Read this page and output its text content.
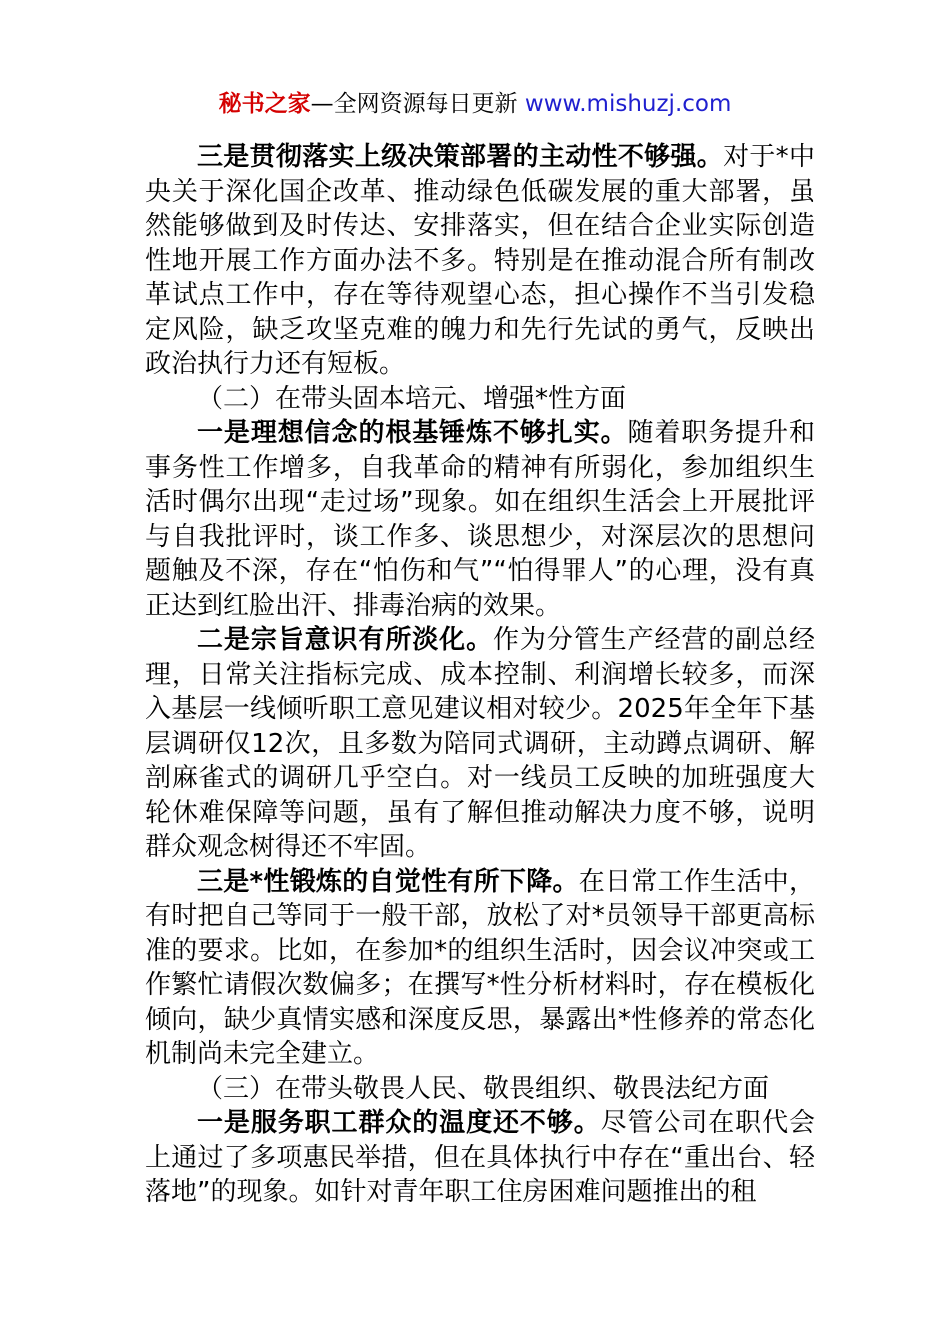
秘书之家—全网资源每日更新 www.mishuzj.com

三是贯彻落实上级决策部署的主动性不够强。对于*中央关于深化国企改革、推动绿色低碳发展的重大部署，虽然能够做到及时传达、安排落实，但在结合企业实际创造性地开展工作方面办法不多。特别是在推动混合所有制改革试点工作中，存在等待观望心态，担心操作不当引发稳定风险，缺乏攻坚克难的魄力和先行先试的勇气，反映出政治执行力还有短板。

（二）在带头固本培元、增强*性方面

一是理想信念的根基锤炼不够扎实。随着职务提升和事务性工作增多，自我革命的精神有所弱化，参加组织生活时偶尔出现“走过场”现象。如在组织生活会上开展批评与自我批评时，谈工作多、谈思想少，对深层次的思想问题触及不深，存在“怕伤和气”“怕得罪人”的心理，没有真正达到红脸出汗、排毒治病的效果。

二是宗旨意识有所淡化。作为分管生产经营的副总经理，日常关注指标完成、成本控制、利润增长较多，而深入基层一线倾听职工意见建议相对较少。2025年全年下基层调研仅12次，且多数为陪同式调研，主动蹲点调研、解剖麻雀式的调研几乎空白。对一线员工反映的加班强度大轮休难保障等问题，虽有了解但推动解决力度不够，说明群众观念树得还不牢固。

三是*性锻炼的自觉性有所下降。在日常工作生活中，有时把自己等同于一般干部，放松了对*员领导干部更高标准的要求。比如，在参加*的组织生活时，因会议冲突或工作繁忙请假次数偏多；在撰写*性分析材料时，存在模板化倾向，缺少真情实感和深度反思，暴露出*性修养的常态化机制尚未完全建立。

（三）在带头敬畏人民、敬畏组织、敬畏法纪方面

一是服务职工群众的温度还不够。尽管公司在职代会上通过了多项惠民举措，但在具体执行中存在“重出台、轻落地”的现象。如针对青年职工住房困难问题推出的租
